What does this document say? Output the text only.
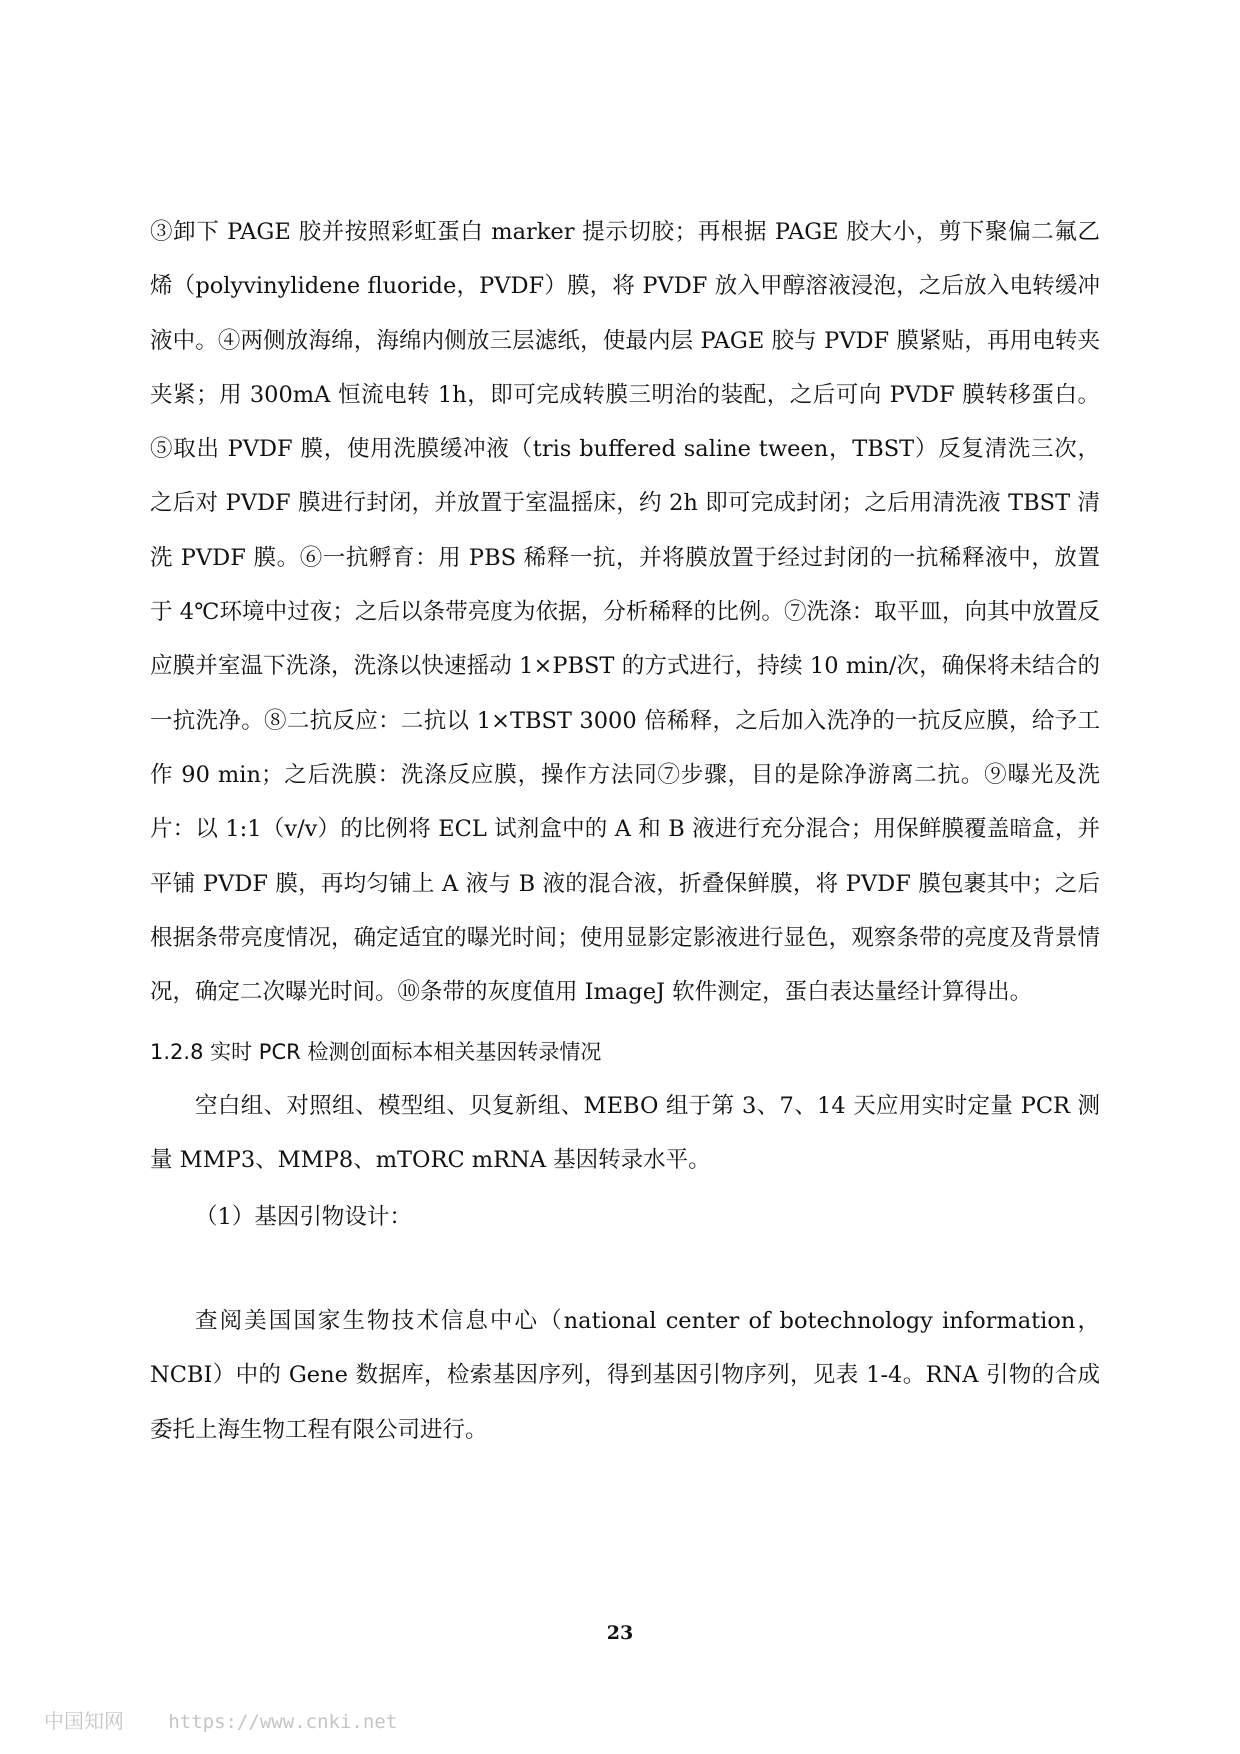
③卸下 PAGE 胶并按照彩虹蛋白 marker 提示切胶；再根据 PAGE 胶大小，剪下聚偏二氟乙烯（polyvinylidene fluoride，PVDF）膜，将 PVDF 放入甲醇溶液浸泡，之后放入电转缓冲液中。④两侧放海绵，海绵内侧放三层滤纸，使最内层 PAGE 胶与 PVDF 膜紧贴，再用电转夹夹紧；用 300mA 恒流电转 1h，即可完成转膜三明治的装配，之后可向 PVDF 膜转移蛋白。⑤取出 PVDF 膜，使用洗膜缓冲液（tris buffered saline tween，TBST）反复清洗三次，之后对 PVDF 膜进行封闭，并放置于室温摇床，约 2h 即可完成封闭；之后用清洗液 TBST 清洗 PVDF 膜。⑥一抗孵育：用 PBS 稀释一抗，并将膜放置于经过封闭的一抗稀释液中，放置于 4℃环境中过夜；之后以条带亮度为依据，分析稀释的比例。⑦洗涤：取平皿，向其中放置反应膜并室温下洗涤，洗涤以快速摇动 1×PBST 的方式进行，持续 10 min/次，确保将未结合的一抗洗净。⑧二抗反应：二抗以 1×TBST 3000 倍稀释，之后加入洗净的一抗反应膜，给予工作 90 min；之后洗膜：洗涤反应膜，操作方法同⑦步骤，目的是除净游离二抗。⑨曝光及洗片：以 1:1（v/v）的比例将 ECL 试剂盒中的 A 和 B 液进行充分混合；用保鲜膜覆盖暗盒，并平铺 PVDF 膜，再均匀铺上 A 液与 B 液的混合液，折叠保鲜膜，将 PVDF 膜包裹其中；之后根据条带亮度情况，确定适宜的曝光时间；使用显影定影液进行显色，观察条带的亮度及背景情况，确定二次曝光时间。⑩条带的灰度值用 ImageJ 软件测定，蛋白表达量经计算得出。

1.2.8 实时 PCR 检测创面标本相关基因转录情况

空白组、对照组、模型组、贝复新组、MEBO 组于第 3、7、14 天应用实时定量 PCR 测量 MMP3、MMP8、mTORC mRNA 基因转录水平。

（1）基因引物设计：

查阅美国国家生物技术信息中心（national center of botechnology information，NCBI）中的 Gene 数据库，检索基因序列，得到基因引物序列，见表 1-4。RNA 引物的合成委托上海生物工程有限公司进行。

23
中国知网 https://www.cnki.net
